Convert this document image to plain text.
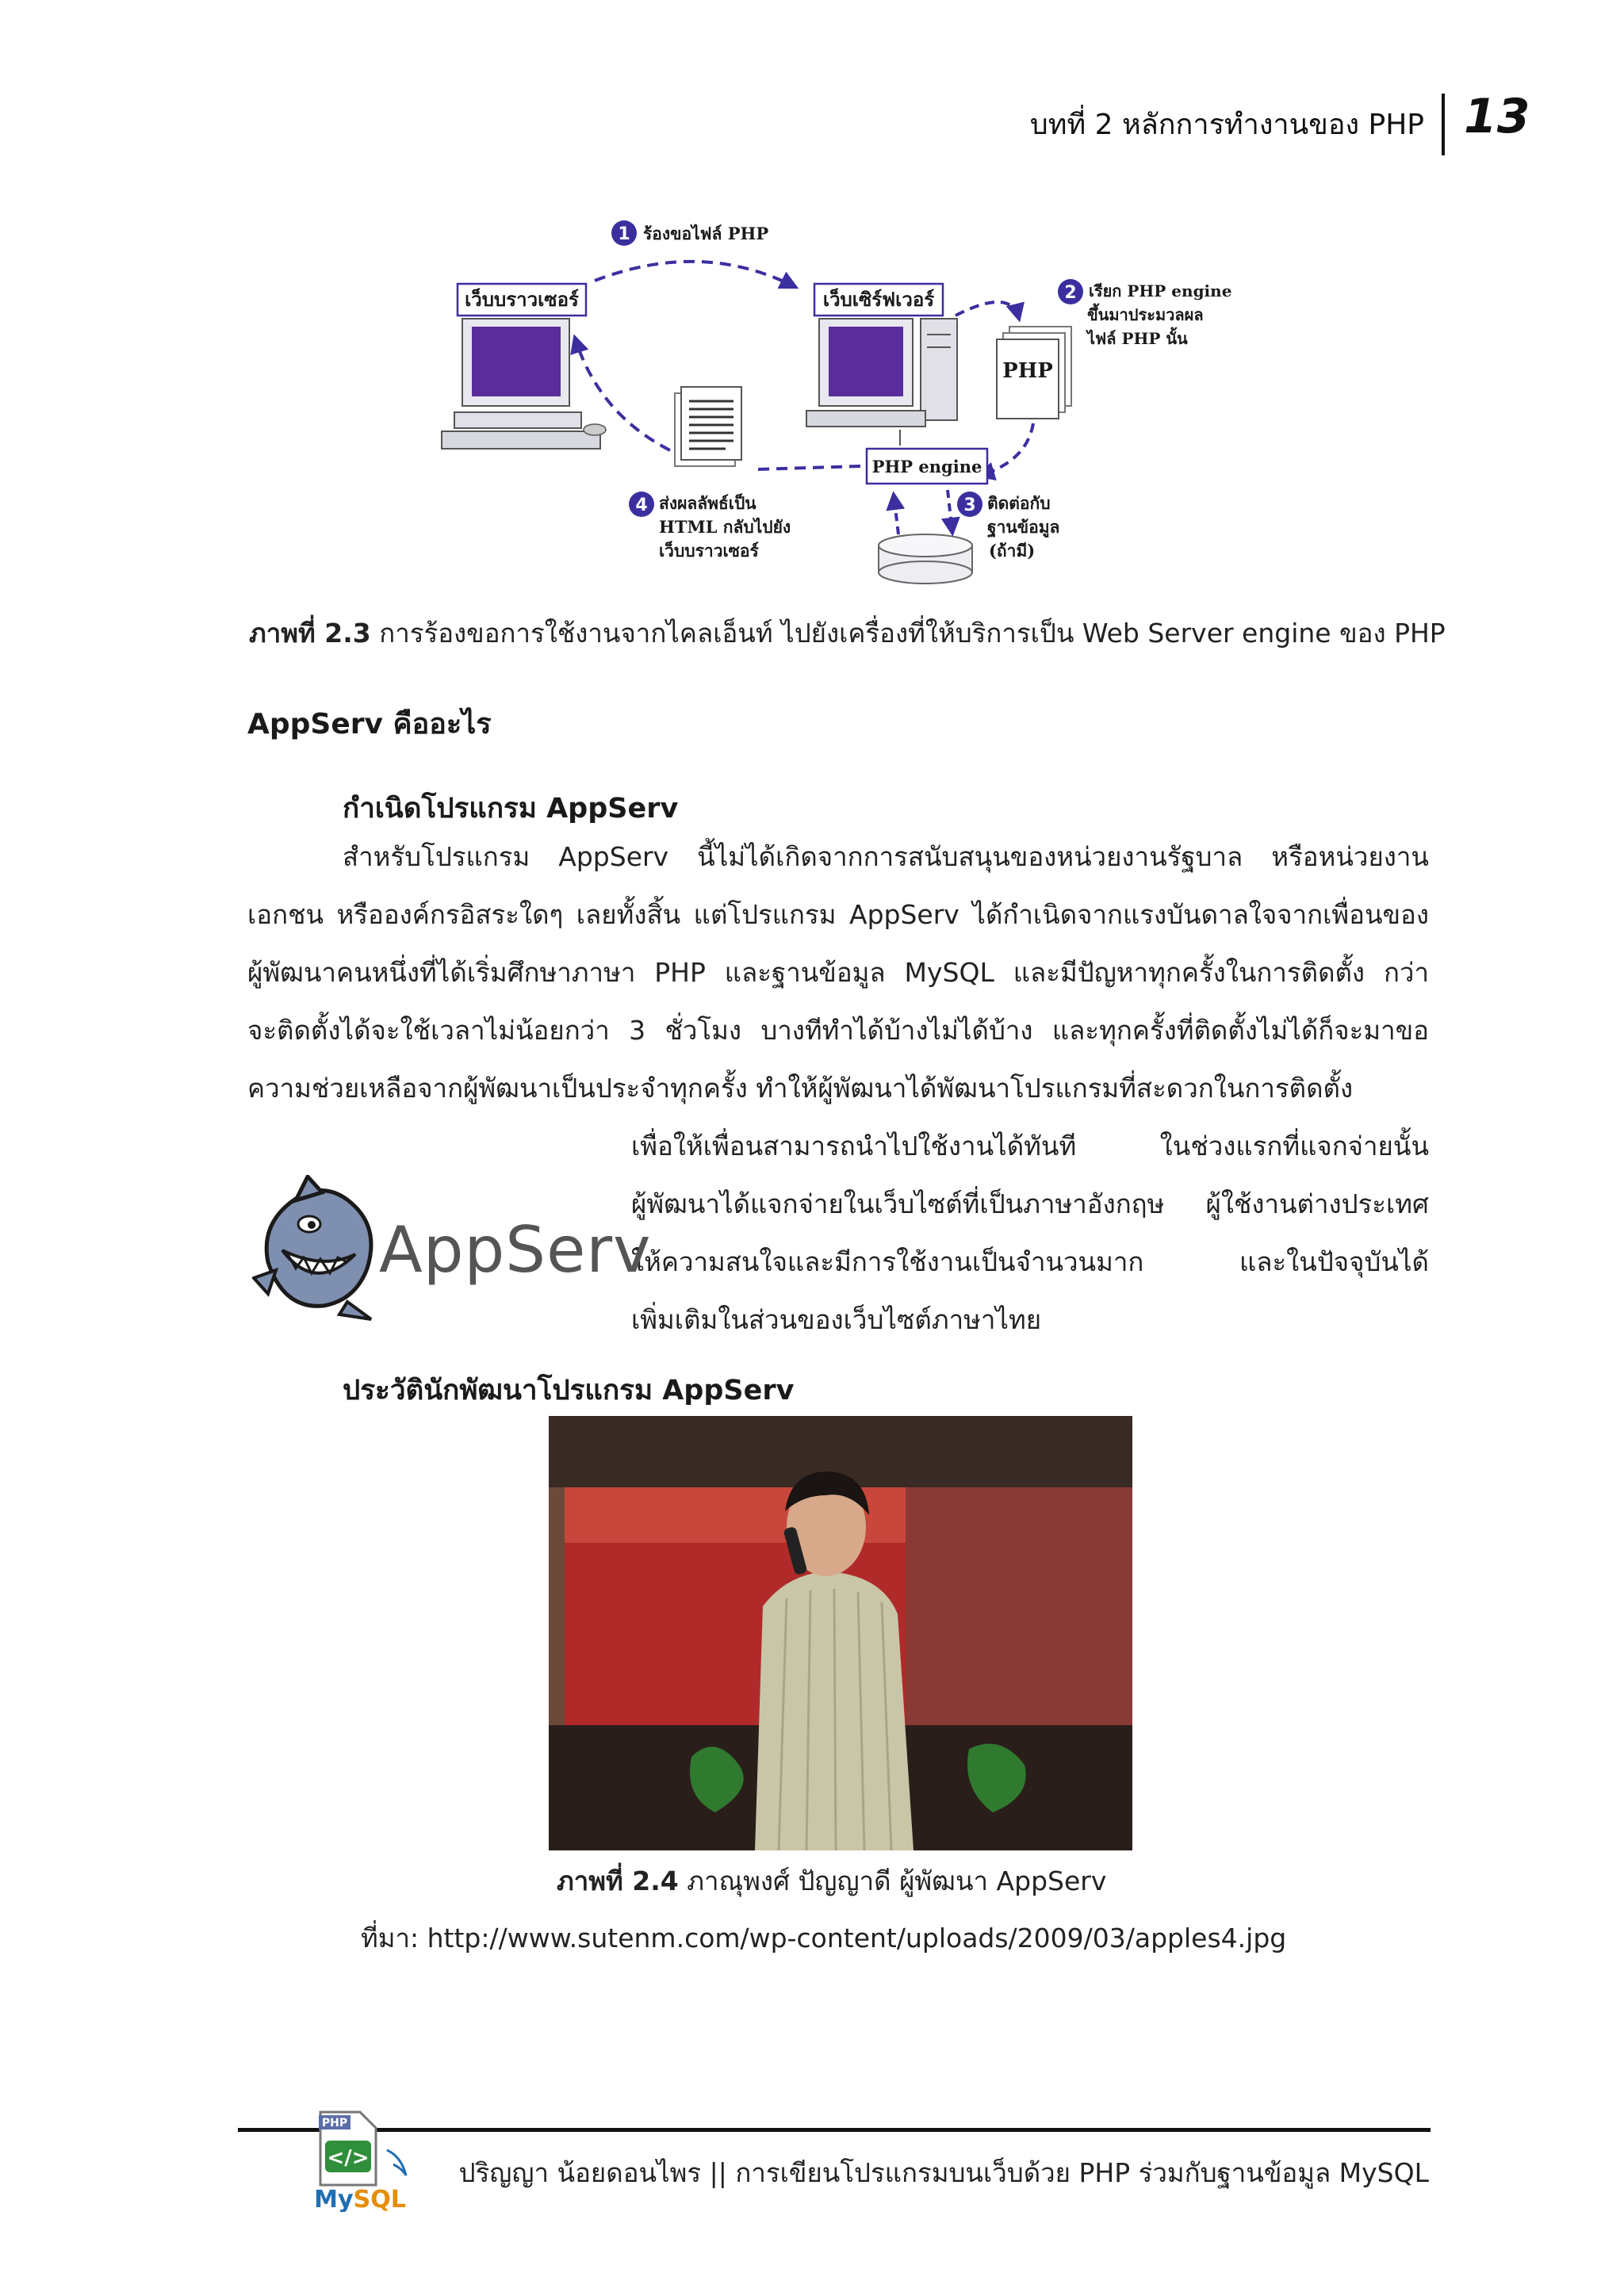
บทที่ 2 หลักการทำงานของ PHP 13
เว็บบราวเซอร์	เว็บเซิร์ฟเวอร์
1 ร้องขอไฟล์ PHP
2 เรียก PHP engine
ขึ้นมาประมวลผล
ไฟล์ PHP นั้น
PHP
PHP engine
3 ติดต่อกับ
ฐานข้อมูล
(ถ้ามี)
4 ส่งผลลัพธ์เป็น
HTML กลับไปยัง
เว็บบราวเซอร์
ภาพที่ 2.3 การร้องขอการใช้งานจากไคลเอ็นท์ ไปยังเครื่องที่ให้บริการเป็น Web Server engine ของ PHP
AppServ คืออะไร
กำเนิดโปรแกรม AppServ
สำหรับโปรแกรม AppServ นี้ไม่ได้เกิดจากการสนับสนุนของหน่วยงานรัฐบาล หรือหน่วยงาน
เอกชน หรือองค์กรอิสระใดๆ เลยทั้งสิ้น แต่โปรแกรม AppServ ได้กำเนิดจากแรงบันดาลใจจากเพื่อนของ
ผู้พัฒนาคนหนึ่งที่ได้เริ่มศึกษาภาษา PHP และฐานข้อมูล MySQL และมีปัญหาทุกครั้งในการติดตั้ง กว่า
จะติดตั้งได้จะใช้เวลาไม่น้อยกว่า 3 ชั่วโมง บางทีทำได้บ้างไม่ได้บ้าง และทุกครั้งที่ติดตั้งไม่ได้ก็จะมาขอ
ความช่วยเหลือจากผู้พัฒนาเป็นประจำทุกครั้ง ทำให้ผู้พัฒนาได้พัฒนาโปรแกรมที่สะดวกในการติดตั้ง
เพื่อให้เพื่อนสามารถนำไปใช้งานได้ทันที ในช่วงแรกที่แจกจ่ายนั้น
ผู้พัฒนาได้แจกจ่ายในเว็บไซต์ที่เป็นภาษาอังกฤษ ผู้ใช้งานต่างประเทศ
ให้ความสนใจและมีการใช้งานเป็นจำนวนมาก และในปัจจุบันได้
เพิ่มเติมในส่วนของเว็บไซต์ภาษาไทย
AppServ
ประวัตินักพัฒนาโปรแกรม AppServ
ภาพที่ 2.4 ภาณุพงศ์ ปัญญาดี ผู้พัฒนา AppServ
ที่มา: http://www.sutenm.com/wp-content/uploads/2009/03/apples4.jpg
PHP
</>
MySQL
ปริญญา น้อยดอนไพร || การเขียนโปรแกรมบนเว็บด้วย PHP ร่วมกับฐานข้อมูล MySQL
